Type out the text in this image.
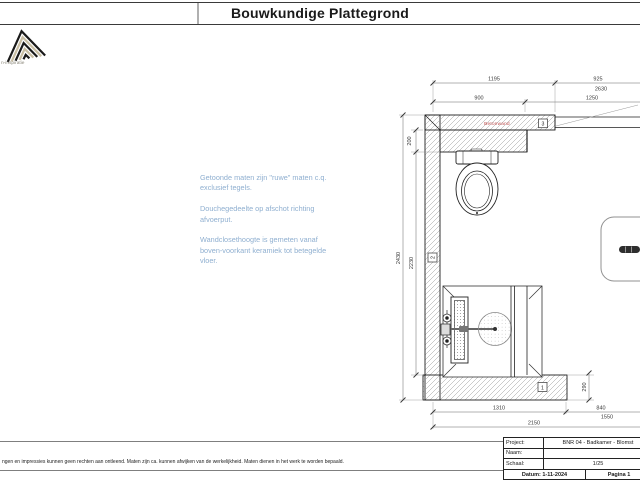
Betonwand	3
2
1
1195	925
2630
900	1250
2430 2230
200
290
1310	840
1550
2150
Bouwkundige Plattegrond
n-inspiratie
Getoonde maten zijn "ruwe" maten c.q.
exclusief tegels.
Douchegedeelte op afschot richting
afvoerput.
Wandclosethoogte is gemeten vanaf
boven-voorkant keramiek tot betegelde
vloer.
Project:	BNR 04 - Badkamer - Blomst
Naam:
Schaal:	1/25
Datum: 1-11-2024	Pagina 1
ngen en impressies kunnen geen rechten aan ontleend. Maten zijn ca. kunnen afwijken van de werkelijkheid. Maten dienen in het werk te worden bepaald.
